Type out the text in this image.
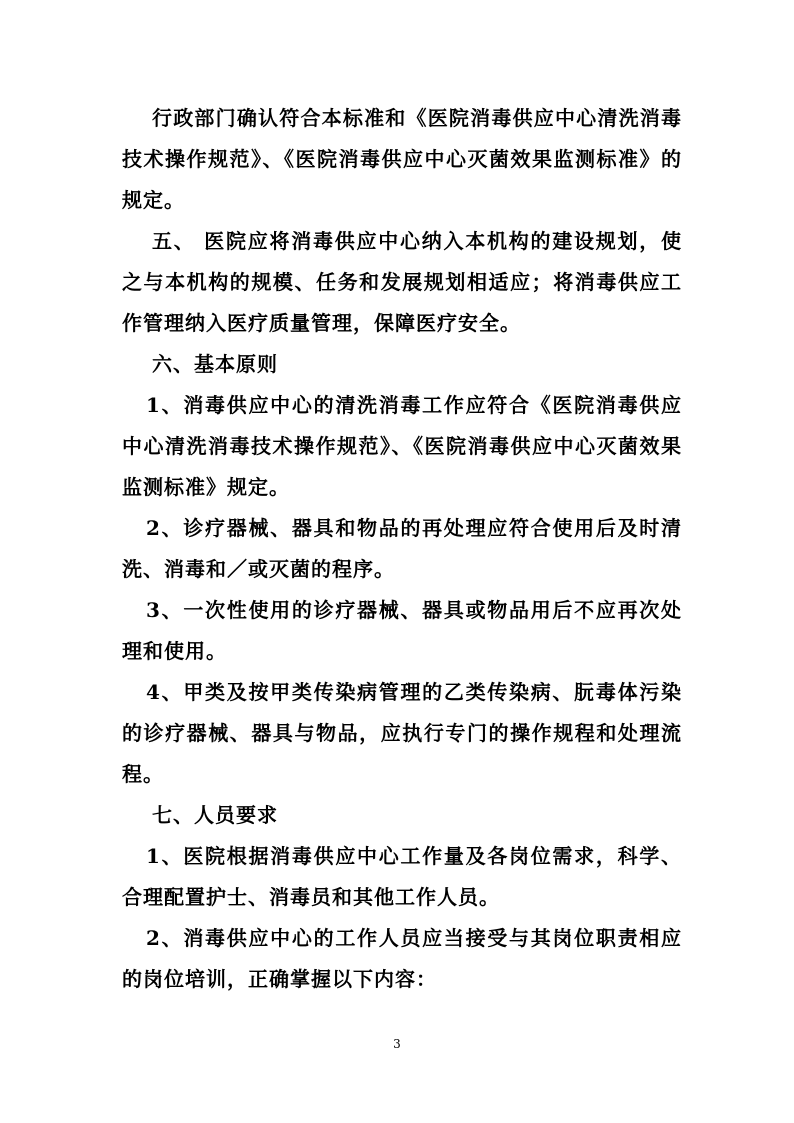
行政部门确认符合本标准和《医院消毒供应中心清洗消毒技术操作规范》、《医院消毒供应中心灭菌效果监测标准》的规定。

五、 医院应将消毒供应中心纳入本机构的建设规划，使之与本机构的规模、任务和发展规划相适应；将消毒供应工作管理纳入医疗质量管理，保障医疗安全。

六、基本原则

1、消毒供应中心的清洗消毒工作应符合《医院消毒供应中心清洗消毒技术操作规范》、《医院消毒供应中心灭菌效果监测标准》规定。

2、诊疗器械、器具和物品的再处理应符合使用后及时清洗、消毒和／或灭菌的程序。

3、一次性使用的诊疗器械、器具或物品用后不应再次处理和使用。

4、甲类及按甲类传染病管理的乙类传染病、朊毒体污染的诊疗器械、器具与物品，应执行专门的操作规程和处理流程。

七、人员要求

1、医院根据消毒供应中心工作量及各岗位需求，科学、合理配置护士、消毒员和其他工作人员。

2、消毒供应中心的工作人员应当接受与其岗位职责相应的岗位培训，正确掌握以下内容：

3
